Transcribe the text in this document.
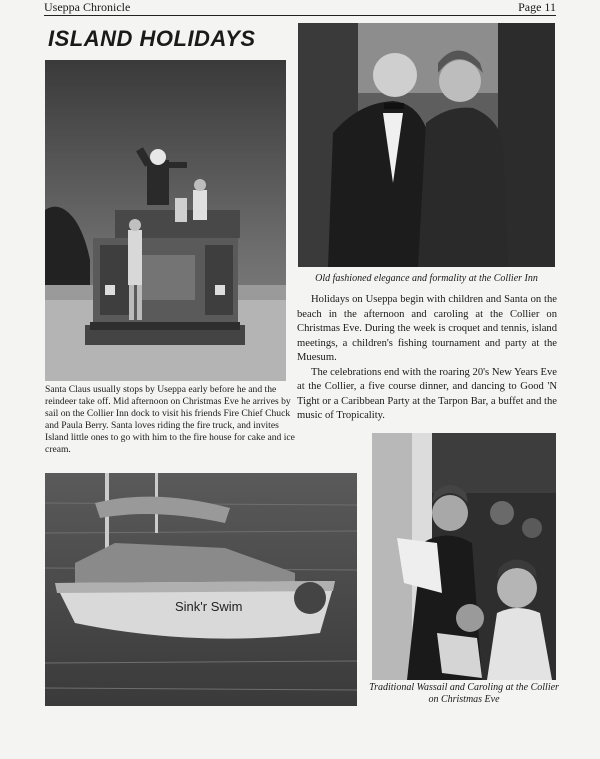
Useppa Chronicle	Page 11
ISLAND HOLIDAYS
Santa Claus usually stops by Useppa early before he and the reindeer take off. Mid afternoon on Christmas Eve he arrives by sail on the Collier Inn dock to visit his friends Fire Chief Chuck and Paula Berry. Santa loves riding the fire truck, and invites Island little ones to go with him to the fire house for cake and ice cream.
Old fashioned elegance and formality at the Collier Inn

Holidays on Useppa begin with children and Santa on the beach in the afternoon and caroling at the Collier on Christmas Eve. During the week is croquet and tennis, island meetings, a children's fishing tournament and party at the Muesum.

The celebrations end with the roaring 20's New Years Eve at the Collier, a five course dinner, and dancing to Good 'N Tight or a Caribbean Party at the Tarpon Bar, a buffet and the music of Tropicality.

Sink'r Swim
Traditional Wassail and Caroling at the Collier on Christmas Eve
